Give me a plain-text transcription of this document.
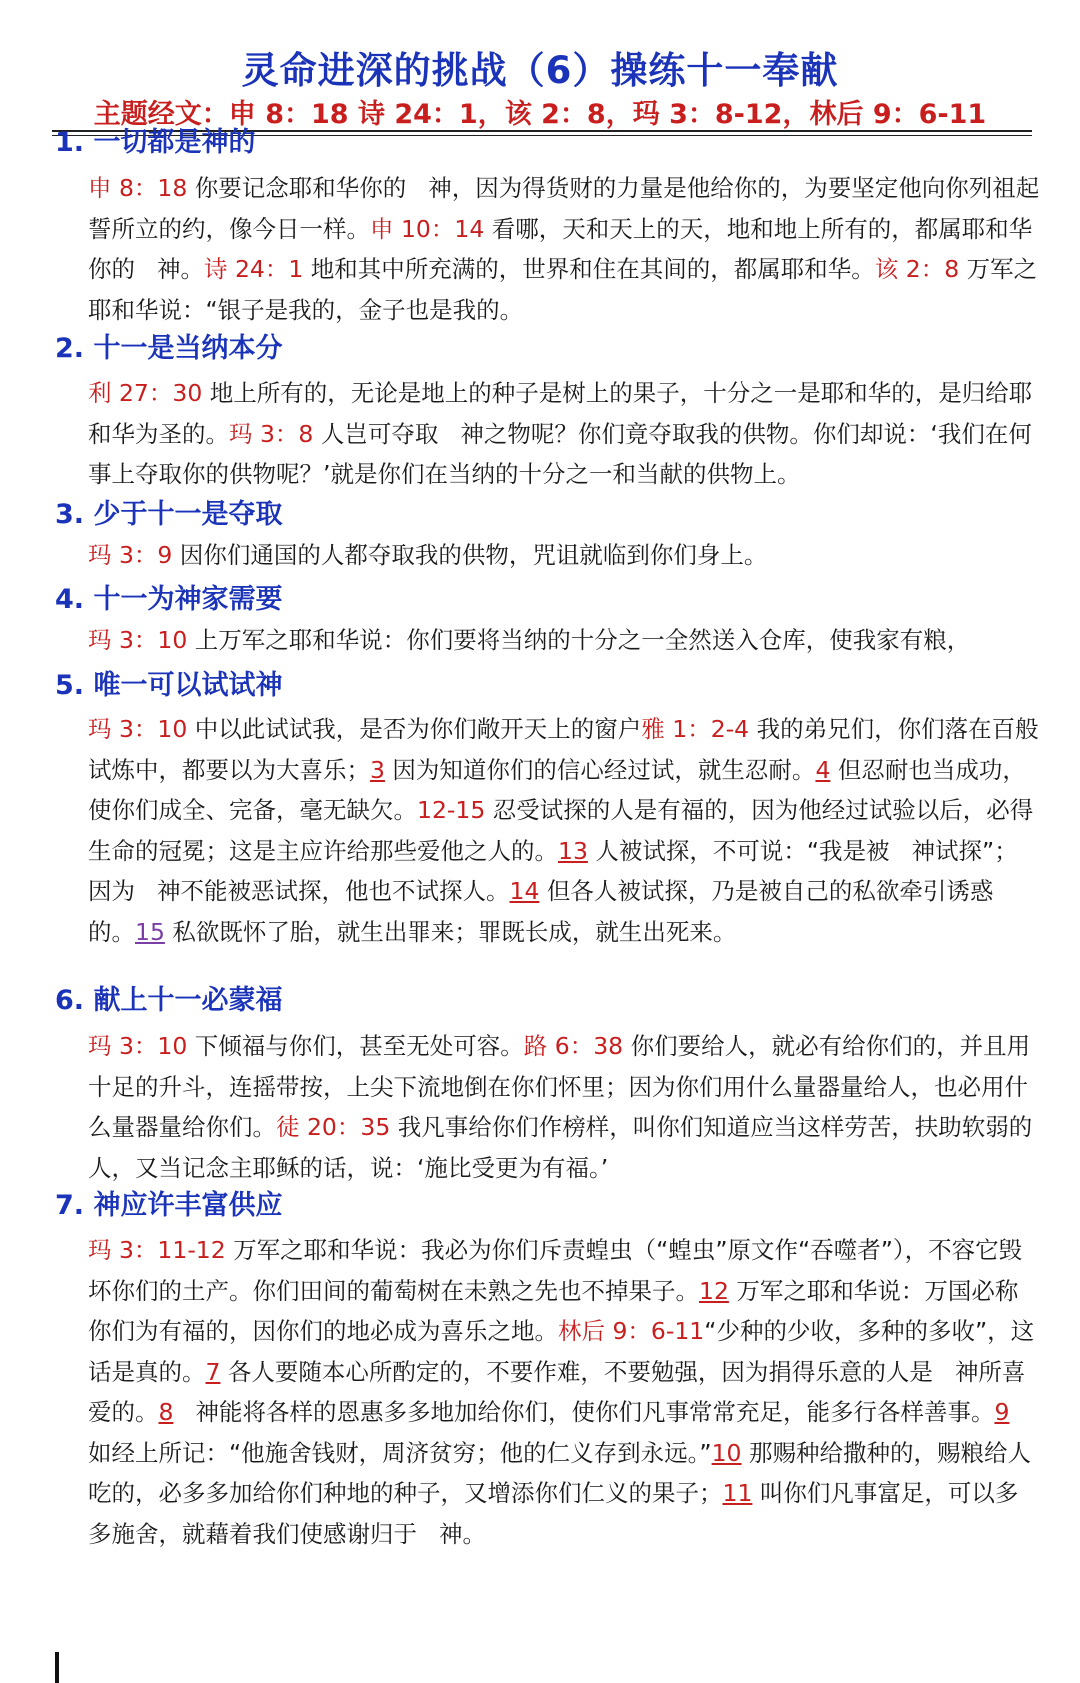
灵命进深的挑战（6）操练十一奉献
主题经文：申 8：18 诗 24：1，该 2：8，玛 3：8-12，林后 9：6-11
1. 一切都是神的
申 8：18 你要记念耶和华你的 神，因为得货财的力量是他给你的，为要坚定他向你列祖起誓所立的约，像今日一样。申 10：14 看哪，天和天上的天，地和地上所有的，都属耶和华你的 神。诗 24：1 地和其中所充满的，世界和住在其间的，都属耶和华。该 2：8 万军之耶和华说：“银子是我的，金子也是我的。
2. 十一是当纳本分
利 27：30 地上所有的，无论是地上的种子是树上的果子，十分之一是耶和华的，是归给耶和华为圣的。玛 3：8 人岂可夺取 神之物呢？你们竟夺取我的供物。你们却说：‘我们在何事上夺取你的供物呢？’就是你们在当纳的十分之一和当献的供物上。
3. 少于十一是夺取
玛 3：9 因你们通国的人都夺取我的供物，咒诅就临到你们身上。
4. 十一为神家需要
玛 3：10 上万军之耶和华说：你们要将当纳的十分之一全然送入仓库，使我家有粮，
5. 唯一可以试试神
玛 3：10 中以此试试我，是否为你们敞开天上的窗户雅 1：2-4 我的弟兄们，你们落在百般试炼中，都要以为大喜乐；3 因为知道你们的信心经过试，就生忍耐。4 但忍耐也当成功，使你们成全、完备，毫无缺欠。12-15 忍受试探的人是有福的，因为他经过试验以后，必得生命的冠冕；这是主应许给那些爱他之人的。13 人被试探，不可说：“我是被 神试探”；因为 神不能被恶试探，他也不试探人。14 但各人被试探，乃是被自己的私欲牵引诱惑的。15 私欲既怀了胎，就生出罪来；罪既长成，就生出死来。
6. 献上十一必蒙福
玛 3：10 下倾福与你们，甚至无处可容。路 6：38 你们要给人，就必有给你们的，并且用十足的升斗，连摇带按，上尖下流地倒在你们怀里；因为你们用什么量器量给人，也必用什么量器量给你们。徒 20：35 我凡事给你们作榜样，叫你们知道应当这样劳苦，扶助软弱的人，又当记念主耶稣的话，说：‘施比受更为有福。’
7. 神应许丰富供应
玛 3：11-12 万军之耶和华说：我必为你们斥责蝗虫（“蝗虫”原文作“吞噬者”），不容它毁坏你们的土产。你们田间的葡萄树在未熟之先也不掉果子。12 万军之耶和华说：万国必称你们为有福的，因你们的地必成为喜乐之地。林后 9：6-11“少种的少收，多种的多收”，这话是真的。7 各人要随本心所酌定的，不要作难，不要勉强，因为捐得乐意的人是 神所喜爱的。8 神能将各样的恩惠多多地加给你们，使你们凡事常常充足，能多行各样善事。9 如经上所记：“他施舍钱财，周济贫穷；他的仁义存到永远。”10 那赐种给撒种的，赐粮给人吃的，必多多加给你们种地的种子，又增添你们仁义的果子；11 叫你们凡事富足，可以多多施舍，就藉着我们使感谢归于 神。
